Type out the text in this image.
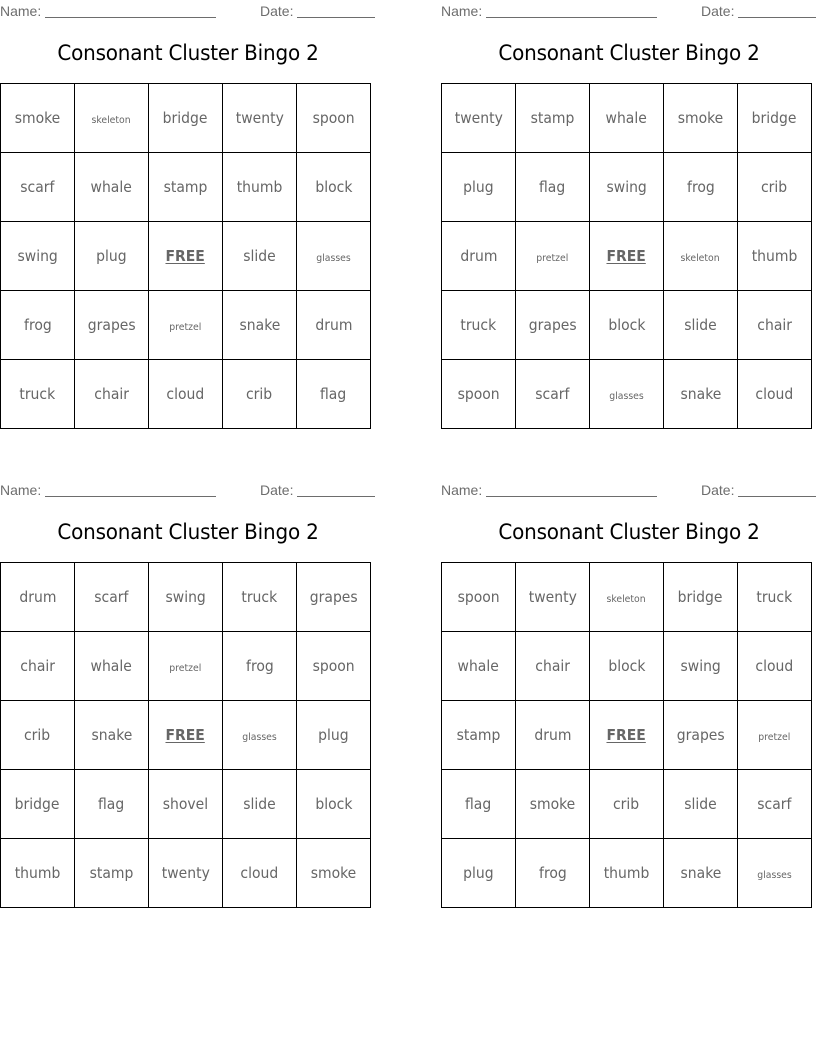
Name:	Date:
Consonant Cluster Bingo 2
smoke	skeleton	bridge	twenty	spoon
scarf	whale	stamp	thumb	block
swing	plug	FREE	slide	glasses
frog	grapes	pretzel	snake	drum
truck	chair	cloud	crib	flag
Name:	Date:
Consonant Cluster Bingo 2
twenty	stamp	whale	smoke	bridge
plug	flag	swing	frog	crib
drum	pretzel	FREE	skeleton	thumb
truck	grapes	block	slide	chair
spoon	scarf	glasses	snake	cloud
Name:	Date:
Consonant Cluster Bingo 2
drum	scarf	swing	truck	grapes
chair	whale	pretzel	frog	spoon
crib	snake	FREE	glasses	plug
bridge	flag	shovel	slide	block
thumb	stamp	twenty	cloud	smoke
Name:	Date:
Consonant Cluster Bingo 2
spoon	twenty	skeleton	bridge	truck
whale	chair	block	swing	cloud
stamp	drum	FREE	grapes	pretzel
flag	smoke	crib	slide	scarf
plug	frog	thumb	snake	glasses
